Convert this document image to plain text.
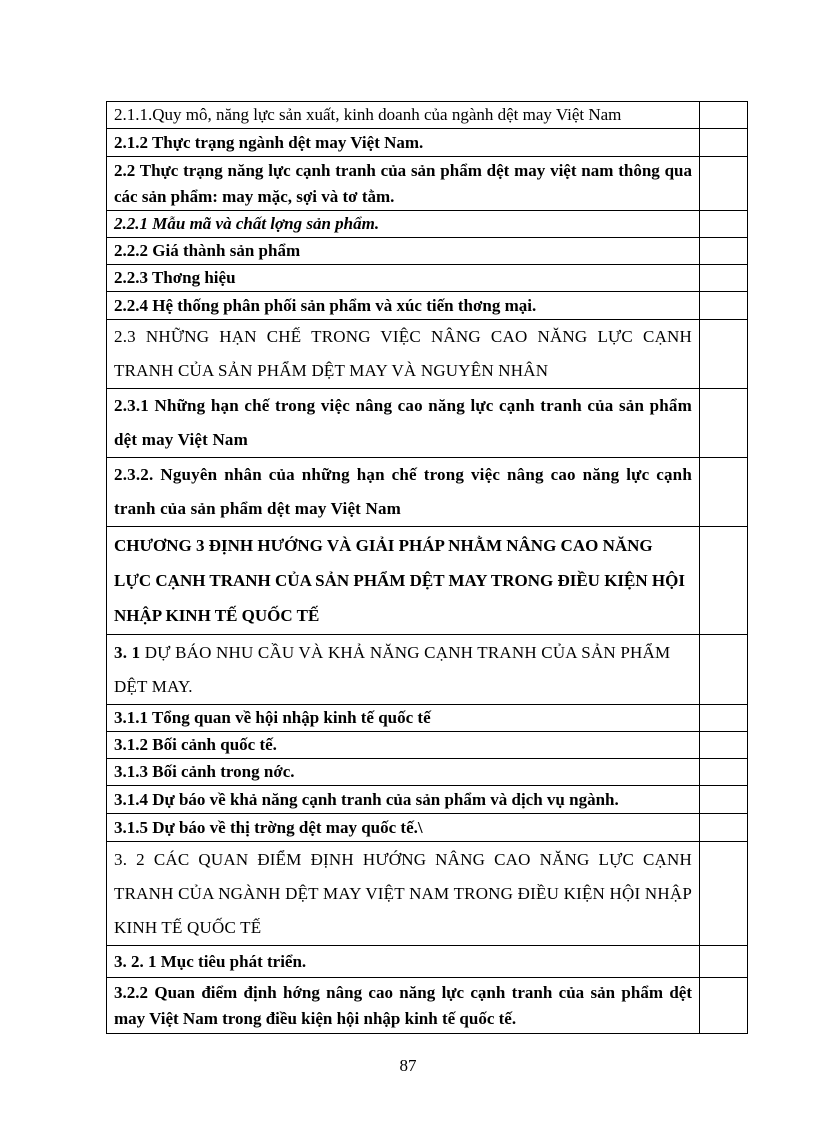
2.1.1.Quy mô, năng lực sản xuất, kinh doanh của ngành dệt may Việt Nam	
2.1.2 Thực trạng ngành dệt may Việt Nam.	
2.2 Thực trạng năng lực cạnh tranh của sản phẩm dệt may việt nam thông qua các sản phẩm: may mặc, sợi và tơ tằm.	
2.2.1 Mẫu mã và chất lợng sản phẩm.	
2.2.2 Giá thành sản phẩm	
2.2.3 Thơng hiệu	
2.2.4 Hệ thống phân phối sản phẩm và xúc tiến thơng mại.	
2.3 NHỮNG HẠN CHẾ TRONG VIỆC NÂNG CAO NĂNG LỰC CẠNH TRANH CỦA SẢN PHẨM DỆT MAY VÀ NGUYÊN NHÂN	
2.3.1 Những hạn chế trong việc nâng cao năng lực cạnh tranh của sản phẩm dệt may Việt Nam	
2.3.2. Nguyên nhân của những hạn chế trong việc nâng cao năng lực cạnh tranh của sản phẩm dệt may Việt Nam	
CHƯƠNG 3 ĐỊNH HƯỚNG VÀ GIẢI PHÁP NHẰM NÂNG CAO NĂNG LỰC CẠNH TRANH CỦA SẢN PHẨM DỆT MAY TRONG ĐIỀU KIỆN HỘI NHẬP KINH TẾ QUỐC TẾ	
3. 1 DỰ BÁO NHU CẦU VÀ KHẢ NĂNG CẠNH TRANH CỦA SẢN PHẨM DỆT MAY.	
3.1.1 Tổng quan về hội nhập kinh tế quốc tế	
3.1.2 Bối cảnh quốc tế.	
3.1.3 Bối cảnh trong nớc.	
3.1.4 Dự báo về khả năng cạnh tranh của sản phẩm và dịch vụ ngành.	
3.1.5 Dự báo về thị trờng dệt may quốc tế.\	
3. 2 CÁC QUAN ĐIỂM ĐỊNH HƯỚNG NÂNG CAO NĂNG LỰC CẠNH TRANH CỦA NGÀNH DỆT MAY VIỆT NAM TRONG ĐIỀU KIỆN HỘI NHẬP KINH TẾ QUỐC TẾ	
3. 2. 1 Mục tiêu phát triển.	
3.2.2 Quan điểm định hớng nâng cao năng lực cạnh tranh của sản phẩm dệt may Việt Nam trong điều kiện hội nhập kinh tế quốc tế.	
87
